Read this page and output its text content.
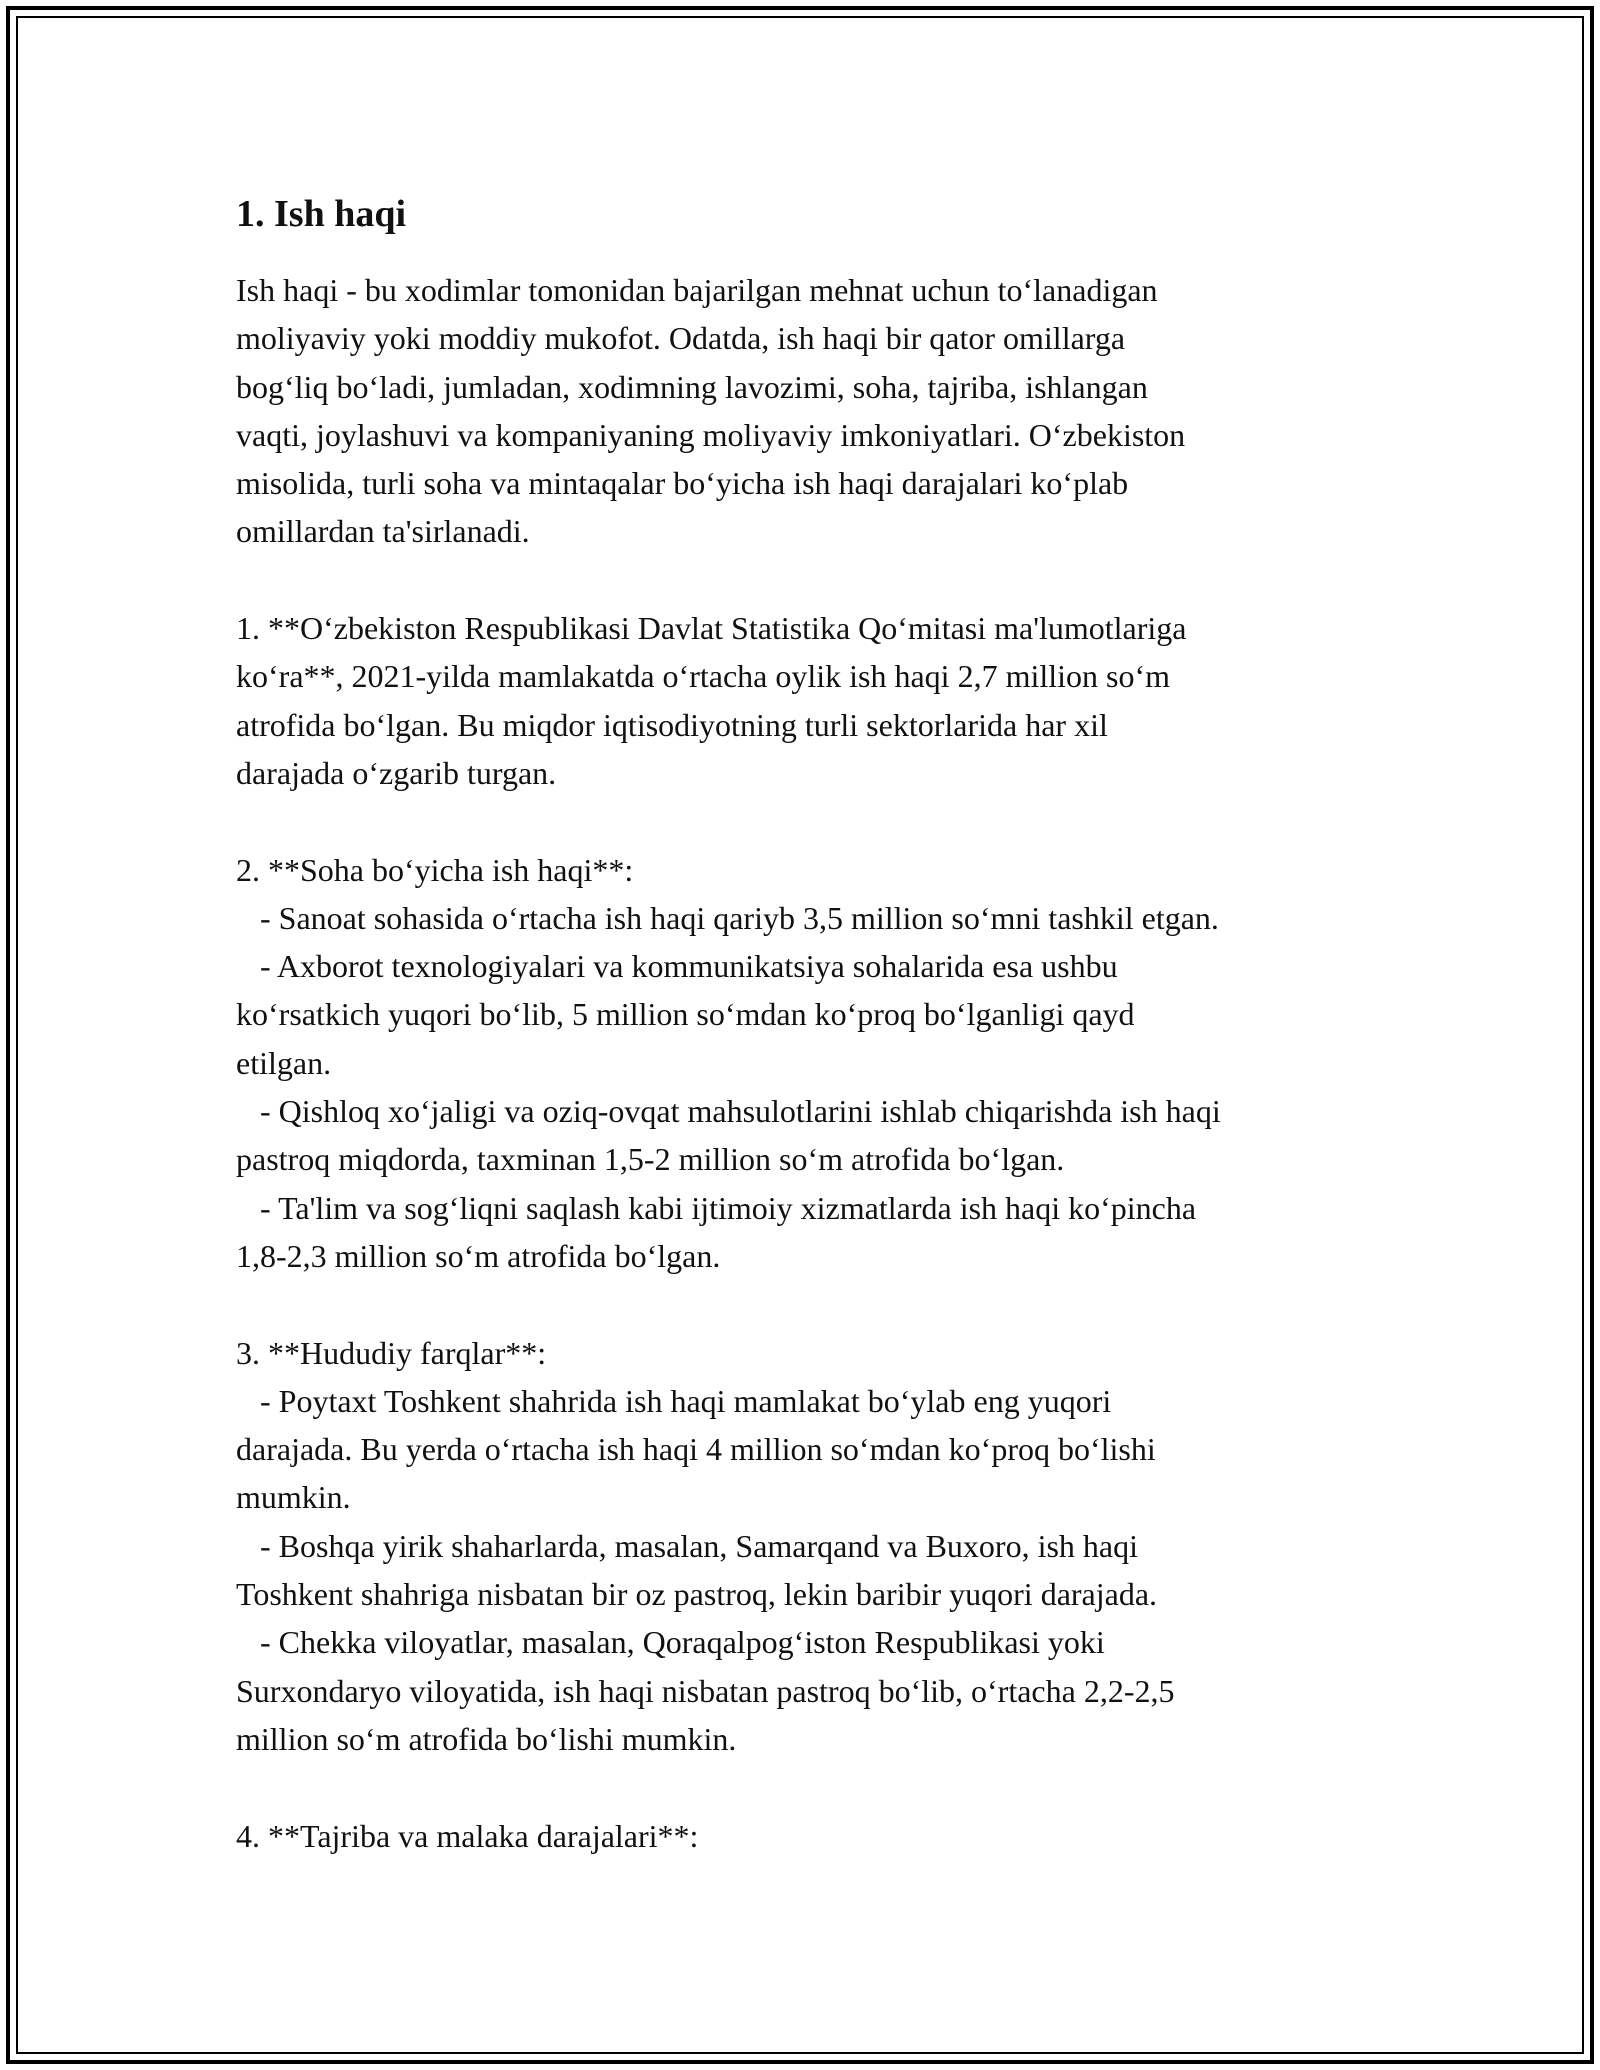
1. Ish haqi
Ish haqi - bu xodimlar tomonidan bajarilgan mehnat uchun to‘lanadigan
moliyaviy yoki moddiy mukofot. Odatda, ish haqi bir qator omillarga
bog‘liq bo‘ladi, jumladan, xodimning lavozimi, soha, tajriba, ishlangan
vaqti, joylashuvi va kompaniyaning moliyaviy imkoniyatlari. O‘zbekiston
misolida, turli soha va mintaqalar bo‘yicha ish haqi darajalari ko‘plab
omillardan ta'sirlanadi.
1. **O‘zbekiston Respublikasi Davlat Statistika Qo‘mitasi ma'lumotlariga
ko‘ra**, 2021-yilda mamlakatda o‘rtacha oylik ish haqi 2,7 million so‘m
atrofida bo‘lgan. Bu miqdor iqtisodiyotning turli sektorlarida har xil
darajada o‘zgarib turgan.
2. **Soha bo‘yicha ish haqi**:
- Sanoat sohasida o‘rtacha ish haqi qariyb 3,5 million so‘mni tashkil etgan.
- Axborot texnologiyalari va kommunikatsiya sohalarida esa ushbu
ko‘rsatkich yuqori bo‘lib, 5 million so‘mdan ko‘proq bo‘lganligi qayd
etilgan.
- Qishloq xo‘jaligi va oziq-ovqat mahsulotlarini ishlab chiqarishda ish haqi
pastroq miqdorda, taxminan 1,5-2 million so‘m atrofida bo‘lgan.
- Ta'lim va sog‘liqni saqlash kabi ijtimoiy xizmatlarda ish haqi ko‘pincha
1,8-2,3 million so‘m atrofida bo‘lgan.
3. **Hududiy farqlar**:
- Poytaxt Toshkent shahrida ish haqi mamlakat bo‘ylab eng yuqori
darajada. Bu yerda o‘rtacha ish haqi 4 million so‘mdan ko‘proq bo‘lishi
mumkin.
- Boshqa yirik shaharlarda, masalan, Samarqand va Buxoro, ish haqi
Toshkent shahriga nisbatan bir oz pastroq, lekin baribir yuqori darajada.
- Chekka viloyatlar, masalan, Qoraqalpog‘iston Respublikasi yoki
Surxondaryo viloyatida, ish haqi nisbatan pastroq bo‘lib, o‘rtacha 2,2-2,5
million so‘m atrofida bo‘lishi mumkin.
4. **Tajriba va malaka darajalari**:
